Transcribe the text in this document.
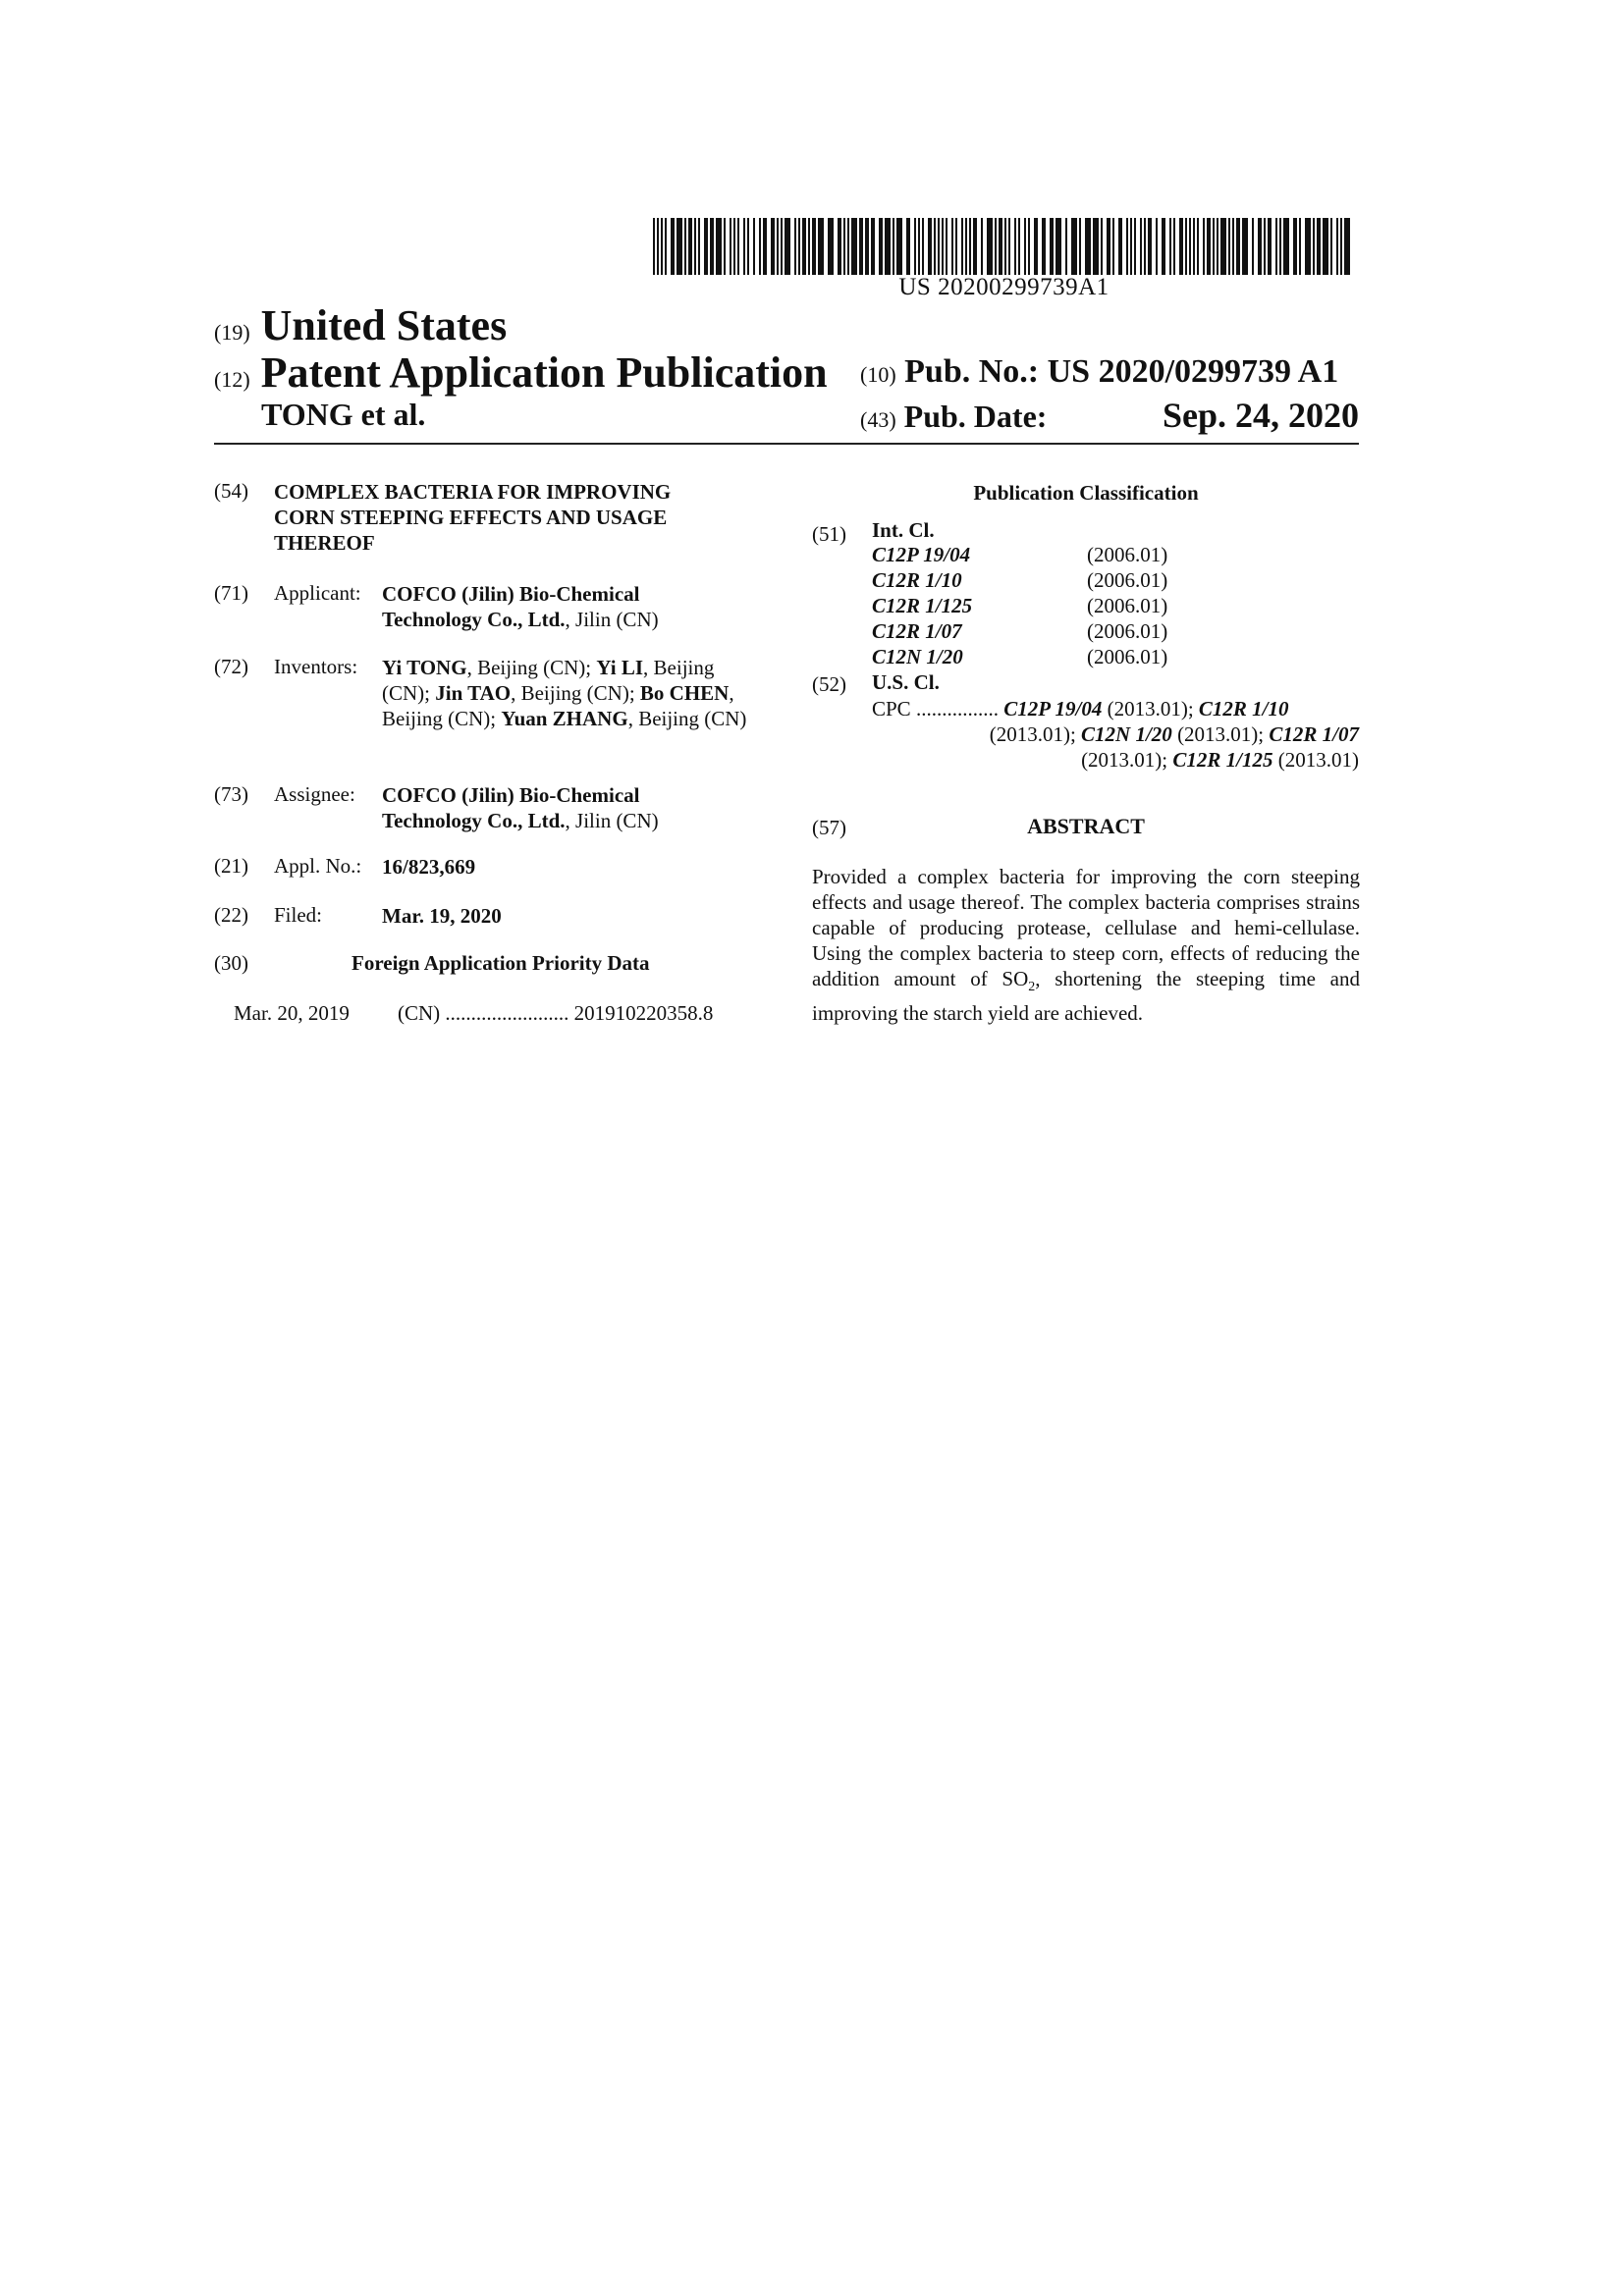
US 20200299739A1
(19) United States
(12) Patent Application Publication
TONG et al.
(10) Pub. No.: US 2020/0299739 A1
(43) Pub. Date:	Sep. 24, 2020
(54) COMPLEX BACTERIA FOR IMPROVING
CORN STEEPING EFFECTS AND USAGE
THEREOF
(71) Applicant: COFCO (Jilin) Bio-Chemical
Technology Co., Ltd., Jilin (CN)
(72) Inventors: Yi TONG, Beijing (CN); Yi LI, Beijing (CN); Jin TAO, Beijing (CN); Bo CHEN, Beijing (CN); Yuan ZHANG, Beijing (CN)
(73) Assignee: COFCO (Jilin) Bio-Chemical
Technology Co., Ltd., Jilin (CN)
(21) Appl. No.: 16/823,669
(22) Filed:	Mar. 19, 2020
(30)	Foreign Application Priority Data
Mar. 20, 2019 (CN) ........................ 201910220358.8
Publication Classification
(51) Int. Cl.
C12P 19/04	(2006.01)
C12R 1/10	(2006.01)
C12R 1/125	(2006.01)
C12R 1/07	(2006.01)
C12N 1/20	(2006.01)
(52) U.S. Cl.
CPC ................ C12P 19/04 (2013.01); C12R 1/10
(2013.01); C12N 1/20 (2013.01); C12R 1/07
(2013.01); C12R 1/125 (2013.01)
(57)	ABSTRACT
Provided a complex bacteria for improving the corn steeping effects and usage thereof. The complex bacteria comprises strains capable of producing protease, cellulase and hemi-cellulase. Using the complex bacteria to steep corn, effects of reducing the addition amount of $SO_2$, shortening the steeping time and improving the starch yield are achieved.
